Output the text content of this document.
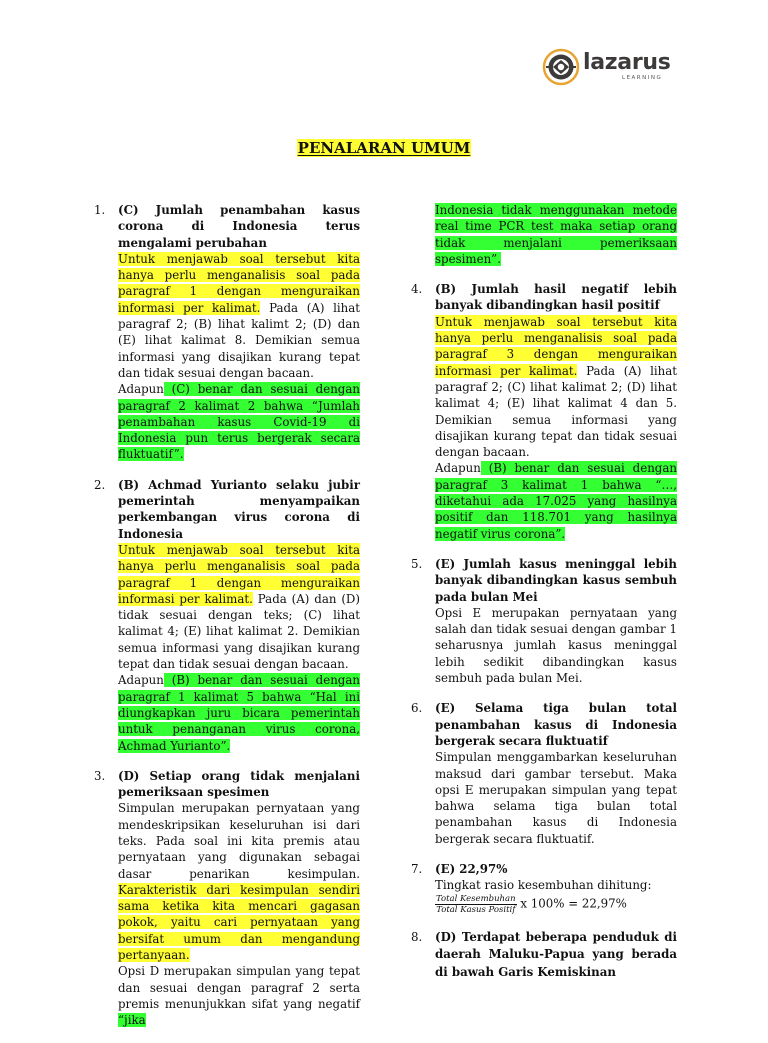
lazarus
LEARNING
PENALARAN UMUM
1. (C) Jumlah penambahan kasus corona di Indonesia terus mengalami perubahan

Untuk menjawab soal tersebut kita hanya perlu menganalisis soal pada paragraf 1 dengan menguraikan informasi per kalimat. Pada (A) lihat paragraf 2; (B) lihat kalimt 2; (D) dan (E) lihat kalimat 8. Demikian semua informasi yang disajikan kurang tepat dan tidak sesuai dengan bacaan.

Adapun (C) benar dan sesuai dengan paragraf 2 kalimat 2 bahwa “Jumlah penambahan kasus Covid-19 di Indonesia pun terus bergerak secara fluktuatif”.

2. (B) Achmad Yurianto selaku jubir pemerintah menyampaikan perkembangan virus corona di Indonesia

Untuk menjawab soal tersebut kita hanya perlu menganalisis soal pada paragraf 1 dengan menguraikan informasi per kalimat. Pada (A) dan (D) tidak sesuai dengan teks; (C) lihat kalimat 4; (E) lihat kalimat 2. Demikian semua informasi yang disajikan kurang tepat dan tidak sesuai dengan bacaan.

Adapun (B) benar dan sesuai dengan paragraf 1 kalimat 5 bahwa “Hal ini diungkapkan juru bicara pemerintah untuk penanganan virus corona, Achmad Yurianto”.

3. (D) Setiap orang tidak menjalani pemeriksaan spesimen

Simpulan merupakan pernyataan yang mendeskripsikan keseluruhan isi dari teks. Pada soal ini kita premis atau pernyataan yang digunakan sebagai dasar penarikan kesimpulan. Karakteristik dari kesimpulan sendiri sama ketika kita mencari gagasan pokok, yaitu cari pernyataan yang bersifat umum dan mengandung pertanyaan.

Opsi D merupakan simpulan yang tepat dan sesuai dengan paragraf 2 serta premis menunjukkan sifat yang negatif “jika

Indonesia tidak menggunakan metode real time PCR test maka setiap orang tidak menjalani pemeriksaan spesimen”.

4. (B) Jumlah hasil negatif lebih banyak dibandingkan hasil positif

Untuk menjawab soal tersebut kita hanya perlu menganalisis soal pada paragraf 3 dengan menguraikan informasi per kalimat. Pada (A) lihat paragraf 2; (C) lihat kalimat 2; (D) lihat kalimat 4; (E) lihat kalimat 4 dan 5. Demikian semua informasi yang disajikan kurang tepat dan tidak sesuai dengan bacaan.

Adapun (B) benar dan sesuai dengan paragraf 3 kalimat 1 bahwa “…, diketahui ada 17.025 yang hasilnya positif dan 118.701 yang hasilnya negatif virus corona”.

5. (E) Jumlah kasus meninggal lebih banyak dibandingkan kasus sembuh pada bulan Mei

Opsi E merupakan pernyataan yang salah dan tidak sesuai dengan gambar 1 seharusnya jumlah kasus meninggal lebih sedikit dibandingkan kasus sembuh pada bulan Mei.

6. (E) Selama tiga bulan total penambahan kasus di Indonesia bergerak secara fluktuatif

Simpulan menggambarkan keseluruhan maksud dari gambar tersebut. Maka opsi E merupakan simpulan yang tepat bahwa selama tiga bulan total penambahan kasus di Indonesia bergerak secara fluktuatif.

7. (E) 22,97%

Tingkat rasio kesembuhan dihitung:

$\frac{\text{Total Kesembuhan}}{\text{Total Kasus Positif}}$ x 100% = 22,97%

8. (D) Terdapat beberapa penduduk di daerah Maluku-Papua yang berada di bawah Garis Kemiskinan
